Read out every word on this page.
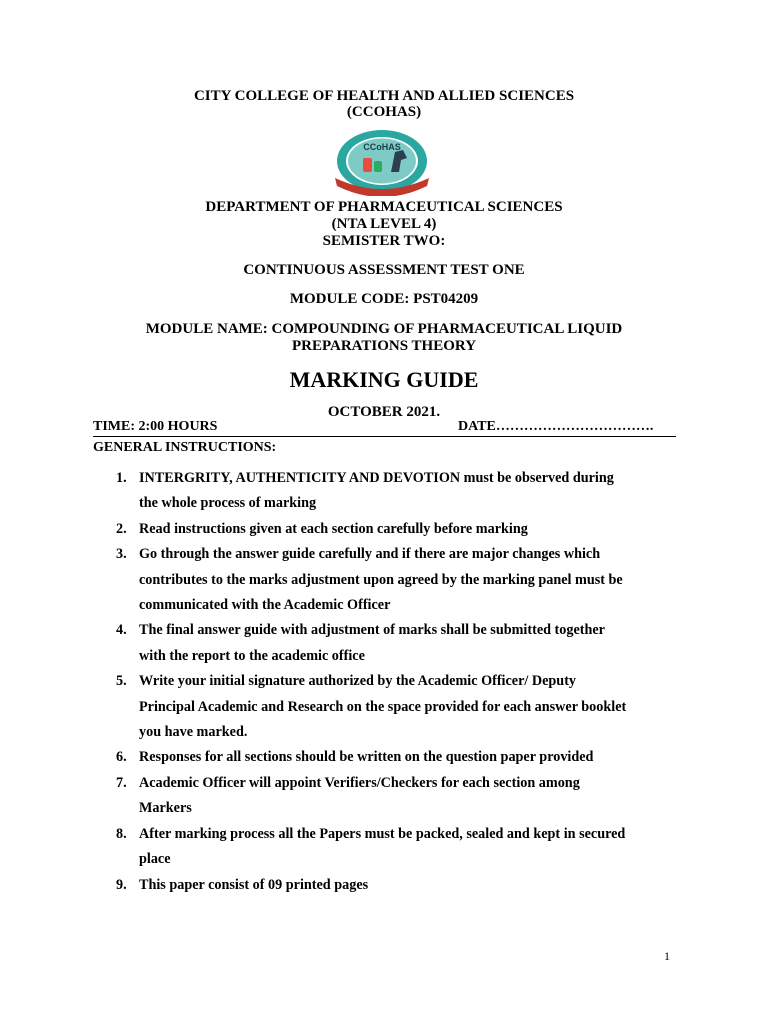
CITY COLLEGE OF HEALTH AND ALLIED SCIENCES
(CCOHAS)
CCoHAS
DEPARTMENT OF PHARMACEUTICAL SCIENCES
(NTA LEVEL 4)
SEMISTER TWO:
CONTINUOUS ASSESSMENT TEST ONE
MODULE CODE: PST04209
MODULE NAME: COMPOUNDING OF PHARMACEUTICAL LIQUID
PREPARATIONS THEORY
MARKING GUIDE
OCTOBER 2021.
TIME: 2:00 HOURS	DATE…………………………….
GENERAL INSTRUCTIONS:
1. INTERGRITY, AUTHENTICITY AND DEVOTION must be observed during
the whole process of marking
2. Read instructions given at each section carefully before marking
3. Go through the answer guide carefully and if there are major changes which
contributes to the marks adjustment upon agreed by the marking panel must be
communicated with the Academic Officer
4. The final answer guide with adjustment of marks shall be submitted together
with the report to the academic office
5. Write your initial signature authorized by the Academic Officer/ Deputy
Principal Academic and Research on the space provided for each answer booklet
you have marked.
6. Responses for all sections should be written on the question paper provided
7. Academic Officer will appoint Verifiers/Checkers for each section among
Markers
8. After marking process all the Papers must be packed, sealed and kept in secured
place
9. This paper consist of 09 printed pages
1
